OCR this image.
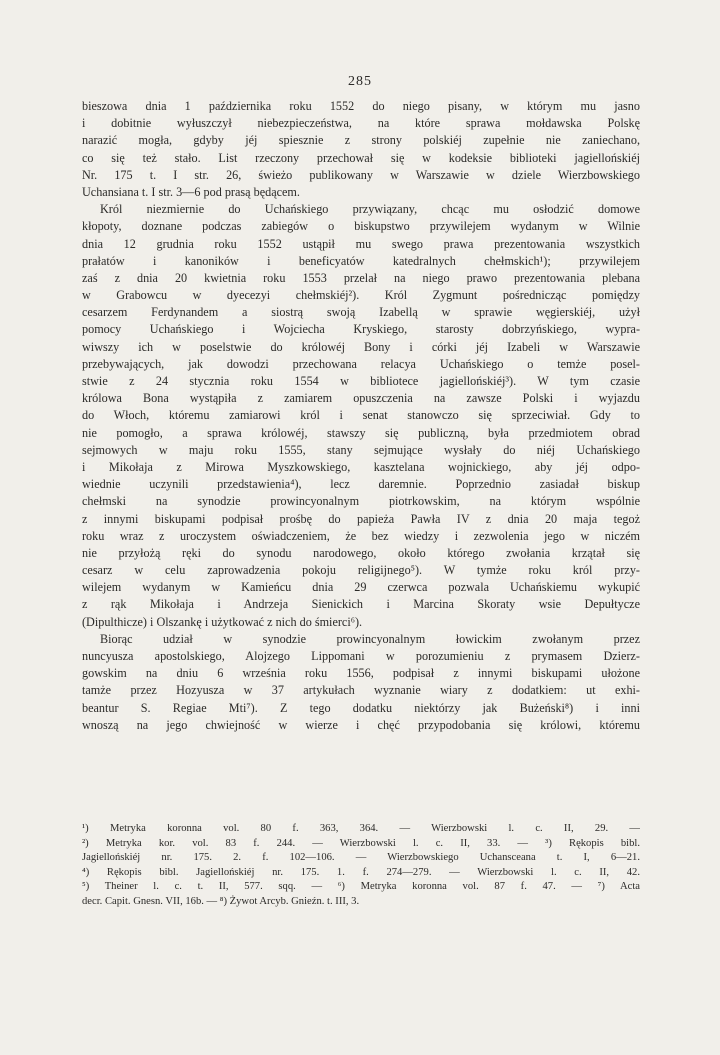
285
bieszowa dnia 1 października roku 1552 do niego pisany, w którym mu jasno
i dobitnie wyłuszczył niebezpieczeństwa, na które sprawa mołdawska Polskę
narazić mogła, gdyby jéj spiesznie z strony polskiéj zupełnie nie zaniechano,
co się też stało. List rzeczony przechował się w kodeksie biblioteki jagiellońskiéj
Nr. 175 t. I str. 26, świeżo publikowany w Warszawie w dziele Wierzbowskiego
Uchansiana t. I str. 3—6 pod prasą będącem.
Król niezmiernie do Uchańskiego przywiązany, chcąc mu osłodzić domowe
kłopoty, doznane podczas zabiegów o biskupstwo przywilejem wydanym w Wilnie
dnia 12 grudnia roku 1552 ustąpił mu swego prawa prezentowania wszystkich
prałatów i kanoników i beneficyatów katedralnych chełmskich¹); przywilejem
zaś z dnia 20 kwietnia roku 1553 przelał na niego prawo prezentowania plebana
w Grabowcu w dyecezyi chełmskiéj²). Król Zygmunt pośrednicząc pomiędzy
cesarzem Ferdynandem a siostrą swoją Izabellą w sprawie węgierskiéj, użył
pomocy Uchańskiego i Wojciecha Kryskiego, starosty dobrzyńskiego, wypra-
wiwszy ich w poselstwie do królowéj Bony i córki jéj Izabeli w Warszawie
przebywających, jak dowodzi przechowana relacya Uchańskiego o temże posel-
stwie z 24 stycznia roku 1554 w bibliotece jagiellońskiéj³). W tym czasie
królowa Bona wystąpiła z zamiarem opuszczenia na zawsze Polski i wyjazdu
do Włoch, któremu zamiarowi król i senat stanowczo się sprzeciwiał. Gdy to
nie pomogło, a sprawa królowéj, stawszy się publiczną, była przedmiotem obrad
sejmowych w maju roku 1555, stany sejmujące wysłały do niéj Uchańskiego
i Mikołaja z Mirowa Myszkowskiego, kasztelana wojnickiego, aby jéj odpo-
wiednie uczynili przedstawienia⁴), lecz daremnie. Poprzednio zasiadał biskup
chełmski na synodzie prowincyonalnym piotrkowskim, na którym wspólnie
z innymi biskupami podpisał prośbę do papieża Pawła IV z dnia 20 maja tegoż
roku wraz z uroczystem oświadczeniem, że bez wiedzy i zezwolenia jego w niczém
nie przyłożą ręki do synodu narodowego, około którego zwołania krzątał się
cesarz w celu zaprowadzenia pokoju religijnego⁵). W tymże roku król przy-
wilejem wydanym w Kamieńcu dnia 29 czerwca pozwala Uchańskiemu wykupić
z rąk Mikołaja i Andrzeja Sienickich i Marcina Skoraty wsie Depułtycze
(Dipulthicze) i Olszankę i użytkować z nich do śmierci⁶).
Biorąc udział w synodzie prowincyonalnym łowickim zwołanym przez
nuncyusza apostolskiego, Alojzego Lippomani w porozumieniu z prymasem Dzierz-
gowskim na dniu 6 września roku 1556, podpisał z innymi biskupami ułożone
tamże przez Hozyusza w 37 artykułach wyznanie wiary z dodatkiem: ut exhi-
beantur S. Regiae Mti⁷). Z tego dodatku niektórzy jak Bużeński⁸) i inni
wnoszą na jego chwiejność w wierze i chęć przypodobania się królowi, któremu
¹) Metryka koronna vol. 80 f. 363, 364. — Wierzbowski l. c. II, 29. —
²) Metryka kor. vol. 83 f. 244. — Wierzbowski l. c. II, 33. — ³) Rękopis bibl.
Jagiellońskiéj nr. 175. 2. f. 102—106. — Wierzbowskiego Uchansceana t. I, 6—21.
⁴) Rękopis bibl. Jagiellońskiéj nr. 175. 1. f. 274—279. — Wierzbowski l. c. II, 42.
⁵) Theiner l. c. t. II, 577. sqq. — ⁶) Metryka koronna vol. 87 f. 47. — ⁷) Acta
decr. Capit. Gnesn. VII, 16b. — ⁸) Żywot Arcyb. Gnieźn. t. III, 3.
